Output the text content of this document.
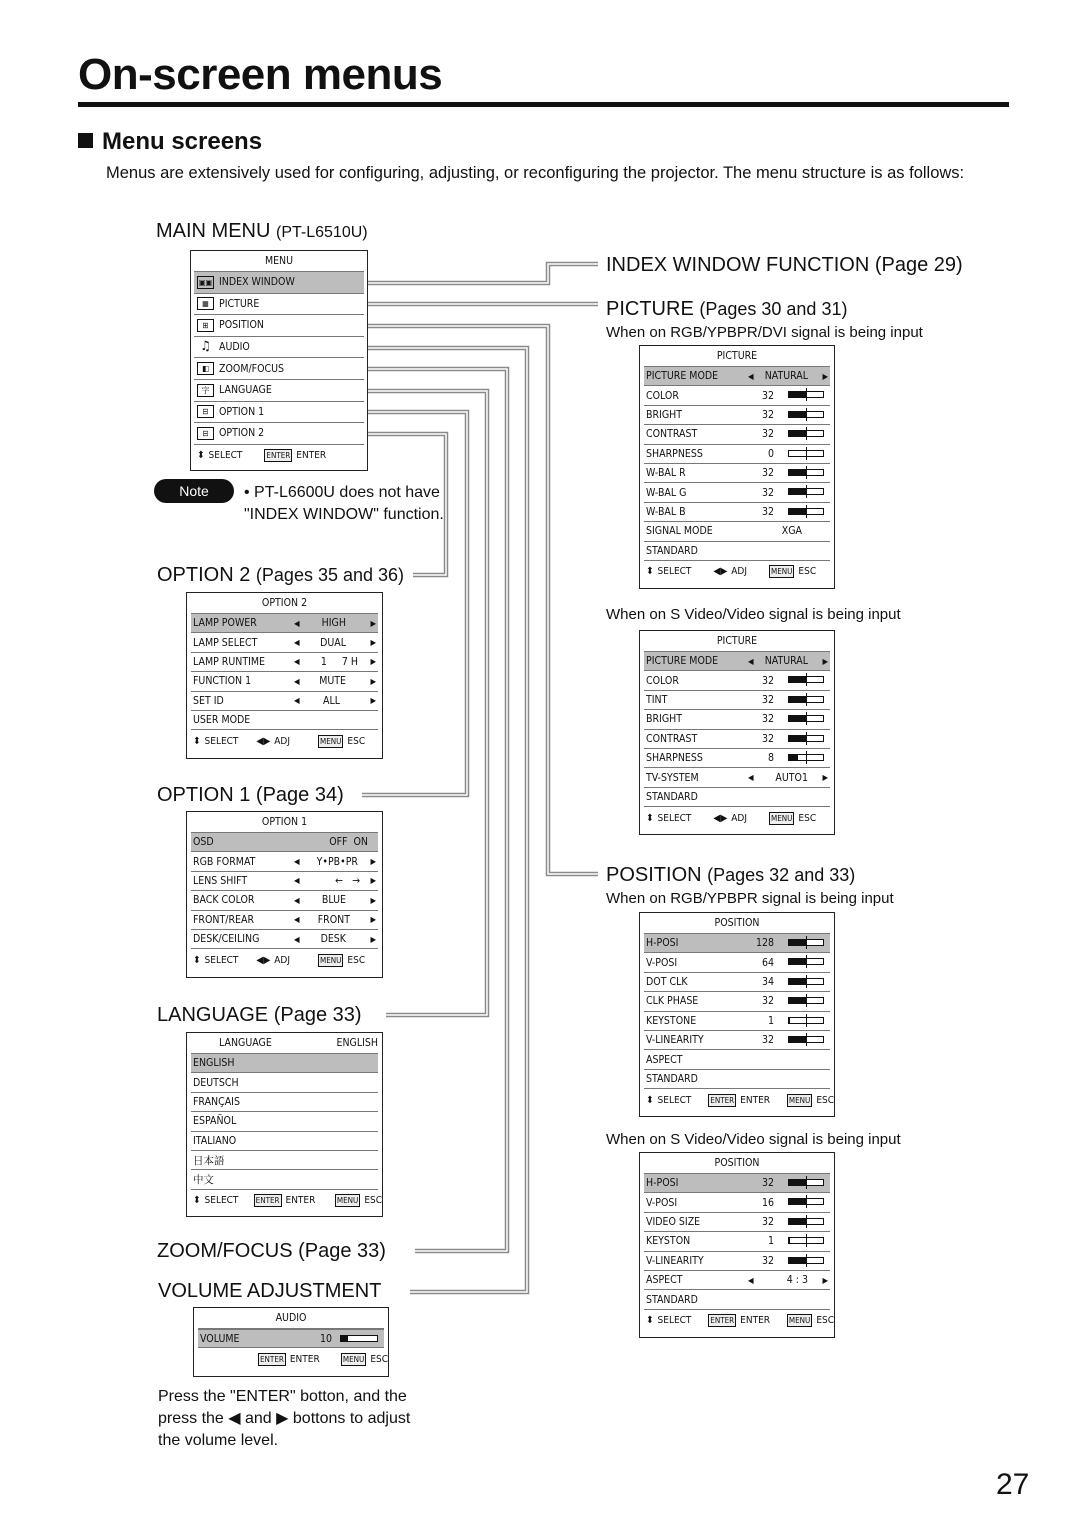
On-screen menus
Menu screens
Menus are extensively used for configuring, adjusting, or reconfiguring the projector. The menu structure is as follows:
MAIN MENU (PT-L6510U)
MENU
▣▣ INDEX WINDOW
▦ PICTURE
⊞ POSITION
♫ AUDIO
◧ ZOOM/FOCUS
字 LANGUAGE
⊟ OPTION 1
⊟ OPTION 2
⬍ SELECT	ENTER ENTER
Note	• PT-L6600U does not have "INDEX WINDOW" function.
OPTION 2 (Pages 35 and 36)
OPTION 2
LAMP POWER	◀ HIGH	▶
LAMP SELECT	◀ DUAL	▶
LAMP RUNTIME	◀ 1     7 H ▶
FUNCTION 1	◀ MUTE	▶
SET ID	◀ ALL	▶
USER MODE
⬍ SELECT ◀▶ ADJ	MENU ESC
OPTION 1 (Page 34)
OPTION 1
OSD	OFF  ON
RGB FORMAT	◀ Y•PB•PR ▶
LENS SHIFT	◀	←   → ▶
BACK COLOR	◀ BLUE	▶
FRONT/REAR	◀ FRONT	▶
DESK/CEILING	◀ DESK	▶
⬍ SELECT ◀▶ ADJ	MENU ESC
LANGUAGE (Page 33)
LANGUAGE	ENGLISH

ENGLISH
DEUTSCH
FRANÇAIS
ESPAÑOL
ITALIANO
日本語
中文
⬍ SELECT ENTER ENTER	MENU ESC
ZOOM/FOCUS (Page 33)
VOLUME ADJUSTMENT
AUDIO
VOLUME	10
ENTER ENTER	MENU ESC
Press the "ENTER" botton, and the press the ◀ and ▶ bottons to adjust the volume level.
INDEX WINDOW FUNCTION (Page 29)
PICTURE (Pages 30 and 31)
When on RGB/YPBPR/DVI signal is being input
When on S Video/Video signal is being input
POSITION (Pages 32 and 33)
When on RGB/YPBPR signal is being input
When on S Video/Video signal is being input
PICTURE
PICTURE MODE	◀ NATURAL ▶
COLOR	32
BRIGHT	32
CONTRAST	32
SHARPNESS	0
W-BAL R	32
W-BAL G	32
W-BAL B	32
SIGNAL MODE	XGA
STANDARD
⬍ SELECT ◀▶ ADJ	MENU ESC
PICTURE
PICTURE MODE	◀ NATURAL ▶
COLOR	32
TINT	32
BRIGHT	32
CONTRAST	32
SHARPNESS	8
TV-SYSTEM	◀ AUTO1 ▶
STANDARD
⬍ SELECT ◀▶ ADJ	MENU ESC
POSITION
H-POSI	128
V-POSI	64
DOT CLK	34
CLK PHASE	32
KEYSTONE	1
V-LINEARITY	32
ASPECT
STANDARD
⬍ SELECT ENTER ENTER MENU ESC
POSITION
H-POSI	32
V-POSI	16
VIDEO SIZE	32
KEYSTON	1
V-LINEARITY	32
ASPECT	◀	4 : 3 ▶
STANDARD
⬍ SELECT ENTER ENTER MENU ESC
27
